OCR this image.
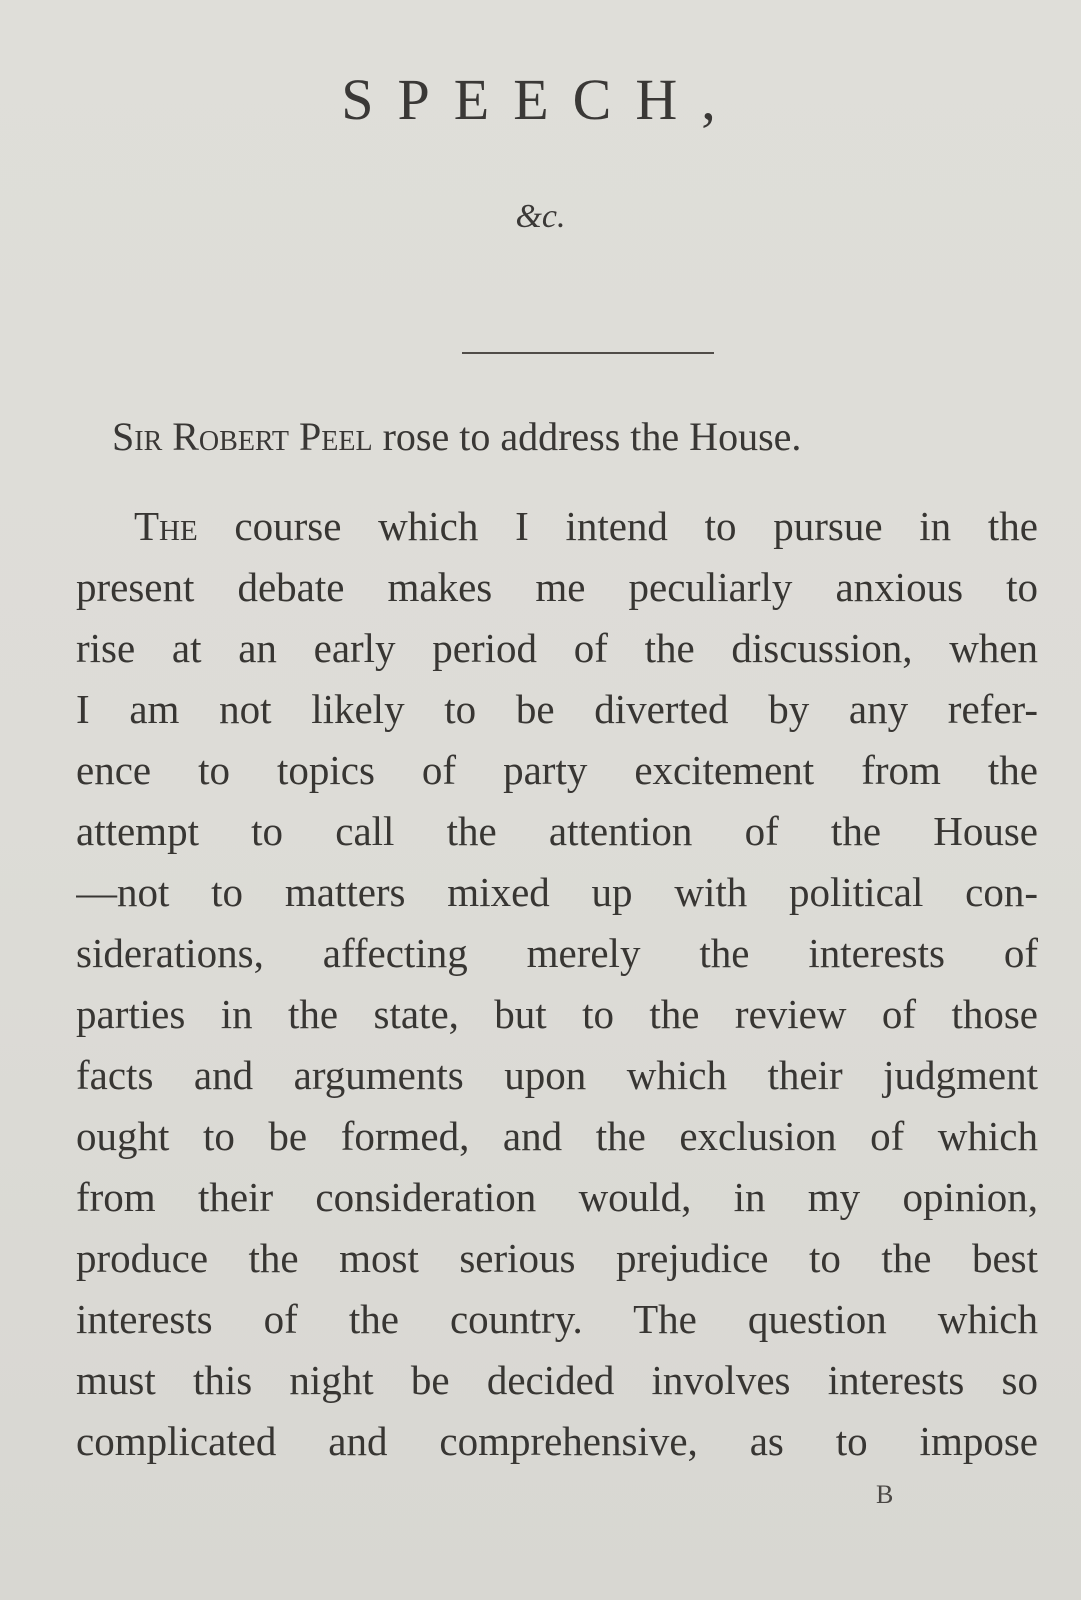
SPEECH,
&c.
Sir Robert Peel rose to address the House.
The course which I intend to pursue in the
present debate makes me peculiarly anxious to
rise at an early period of the discussion, when
I am not likely to be diverted by any refer-
ence to topics of party excitement from the
attempt to call the attention of the House
—not to matters mixed up with political con-
siderations, affecting merely the interests of
parties in the state, but to the review of those
facts and arguments upon which their judgment
ought to be formed, and the exclusion of which
from their consideration would, in my opinion,
produce the most serious prejudice to the best
interests of the country. The question which
must this night be decided involves interests so
complicated and comprehensive, as to impose
B
